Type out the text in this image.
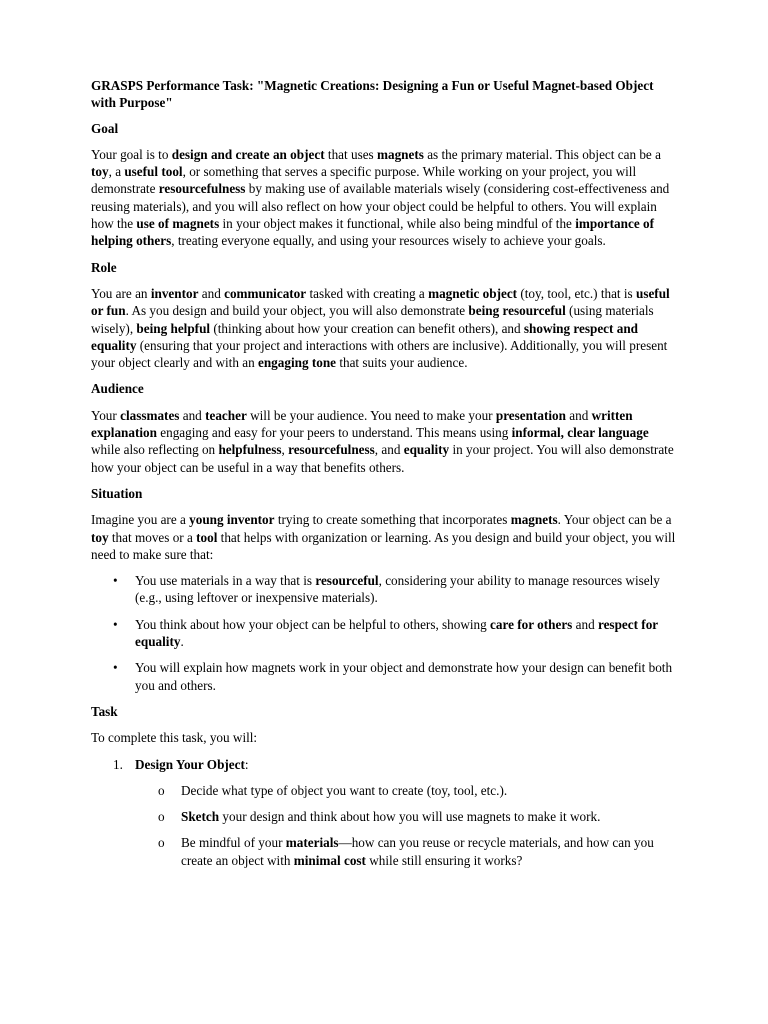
GRASPS Performance Task: "Magnetic Creations: Designing a Fun or Useful Magnet-based Object with Purpose"

Goal

Your goal is to design and create an object that uses magnets as the primary material. This object can be a toy, a useful tool, or something that serves a specific purpose. While working on your project, you will demonstrate resourcefulness by making use of available materials wisely (considering cost-effectiveness and reusing materials), and you will also reflect on how your object could be helpful to others. You will explain how the use of magnets in your object makes it functional, while also being mindful of the importance of helping others, treating everyone equally, and using your resources wisely to achieve your goals.

Role

You are an inventor and communicator tasked with creating a magnetic object (toy, tool, etc.) that is useful or fun. As you design and build your object, you will also demonstrate being resourceful (using materials wisely), being helpful (thinking about how your creation can benefit others), and showing respect and equality (ensuring that your project and interactions with others are inclusive). Additionally, you will present your object clearly and with an engaging tone that suits your audience.

Audience

Your classmates and teacher will be your audience. You need to make your presentation and written explanation engaging and easy for your peers to understand. This means using informal, clear language while also reflecting on helpfulness, resourcefulness, and equality in your project. You will also demonstrate how your object can be useful in a way that benefits others.

Situation

Imagine you are a young inventor trying to create something that incorporates magnets. Your object can be a toy that moves or a tool that helps with organization or learning. As you design and build your object, you will need to make sure that:

• You use materials in a way that is resourceful, considering your ability to manage resources wisely (e.g., using leftover or inexpensive materials).
• You think about how your object can be helpful to others, showing care for others and respect for equality.
• You will explain how magnets work in your object and demonstrate how your design can benefit both you and others.

Task

To complete this task, you will:

1. Design Your Object:
o Decide what type of object you want to create (toy, tool, etc.).
o Sketch your design and think about how you will use magnets to make it work.
o Be mindful of your materials—how can you reuse or recycle materials, and how can you create an object with minimal cost while still ensuring it works?
